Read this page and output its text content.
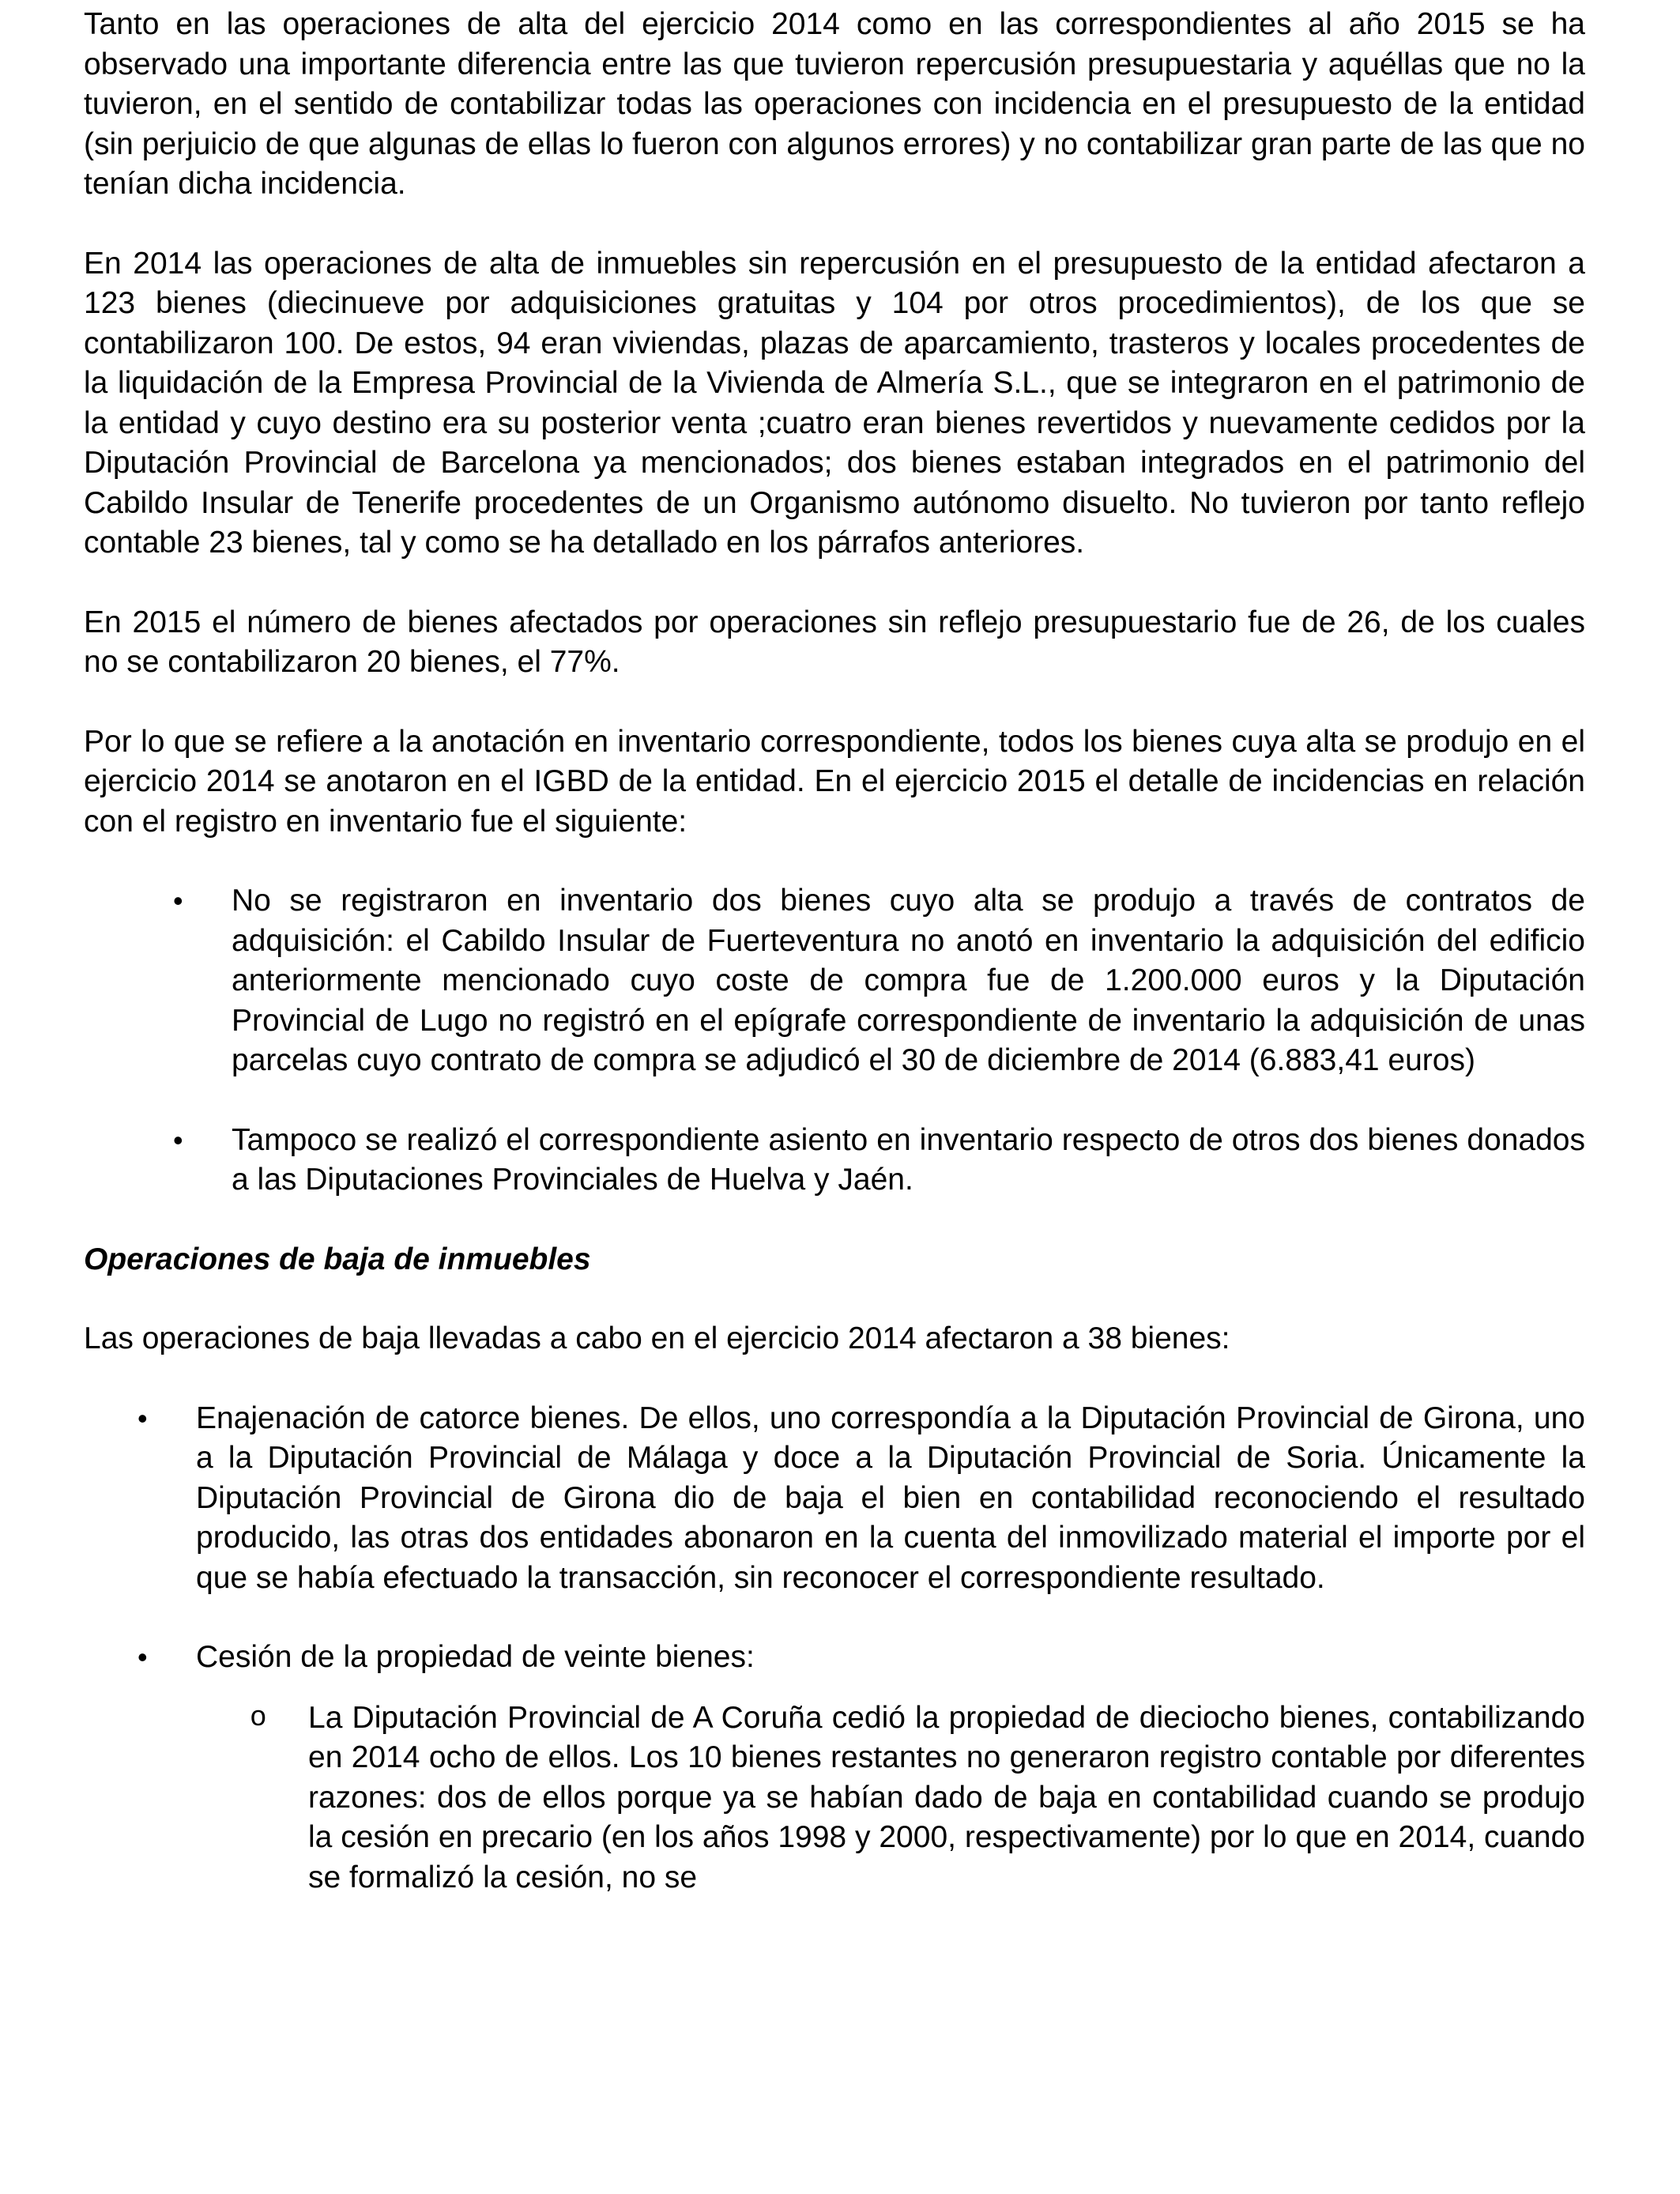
Tanto en las operaciones de alta del ejercicio 2014 como en las correspondientes al año 2015 se ha observado una importante diferencia entre las que tuvieron repercusión presupuestaria y aquéllas que no la tuvieron, en el sentido de contabilizar todas las operaciones con incidencia en el presupuesto de la entidad (sin perjuicio de que algunas de ellas lo fueron con algunos errores) y no contabilizar gran parte de las que no tenían dicha incidencia.

En 2014 las operaciones de alta de inmuebles sin repercusión en el presupuesto de la entidad afectaron a 123 bienes (diecinueve por adquisiciones gratuitas y 104 por otros procedimientos), de los que se contabilizaron 100. De estos, 94 eran viviendas, plazas de aparcamiento, trasteros y locales procedentes de la liquidación de la Empresa Provincial de la Vivienda de Almería S.L., que se integraron en el patrimonio de la entidad y cuyo destino era su posterior venta ;cuatro eran bienes revertidos y nuevamente cedidos por la Diputación Provincial de Barcelona ya mencionados; dos bienes estaban integrados en el patrimonio del Cabildo Insular de Tenerife procedentes de un Organismo autónomo disuelto. No tuvieron por tanto reflejo contable 23 bienes, tal y como se ha detallado en los párrafos anteriores.

En 2015 el número de bienes afectados por operaciones sin reflejo presupuestario fue de 26, de los cuales no se contabilizaron 20 bienes, el 77%.

Por lo que se refiere a la anotación en inventario correspondiente, todos los bienes cuya alta se produjo en el ejercicio 2014 se anotaron en el IGBD de la entidad. En el ejercicio 2015 el detalle de incidencias en relación con el registro en inventario fue el siguiente:

• No se registraron en inventario dos bienes cuyo alta se produjo a través de contratos de adquisición: el Cabildo Insular de Fuerteventura no anotó en inventario la adquisición del edificio anteriormente mencionado cuyo coste de compra fue de 1.200.000 euros y la Diputación Provincial de Lugo no registró en el epígrafe correspondiente de inventario la adquisición de unas parcelas cuyo contrato de compra se adjudicó el 30 de diciembre de 2014 (6.883,41 euros)
• Tampoco se realizó el correspondiente asiento en inventario respecto de otros dos bienes donados a las Diputaciones Provinciales de Huelva y Jaén.

Operaciones de baja de inmuebles

Las operaciones de baja llevadas a cabo en el ejercicio 2014 afectaron a 38 bienes:

• Enajenación de catorce bienes. De ellos, uno correspondía a la Diputación Provincial de Girona, uno a la Diputación Provincial de Málaga y doce a la Diputación Provincial de Soria. Únicamente la Diputación Provincial de Girona dio de baja el bien en contabilidad reconociendo el resultado producido, las otras dos entidades abonaron en la cuenta del inmovilizado material el importe por el que se había efectuado la transacción, sin reconocer el correspondiente resultado.
• Cesión de la propiedad de veinte bienes:
o La Diputación Provincial de A Coruña cedió la propiedad de dieciocho bienes, contabilizando en 2014 ocho de ellos. Los 10 bienes restantes no generaron registro contable por diferentes razones: dos de ellos porque ya se habían dado de baja en contabilidad cuando se produjo la cesión en precario (en los años 1998 y 2000, respectivamente) por lo que en 2014, cuando se formalizó la cesión, no se
